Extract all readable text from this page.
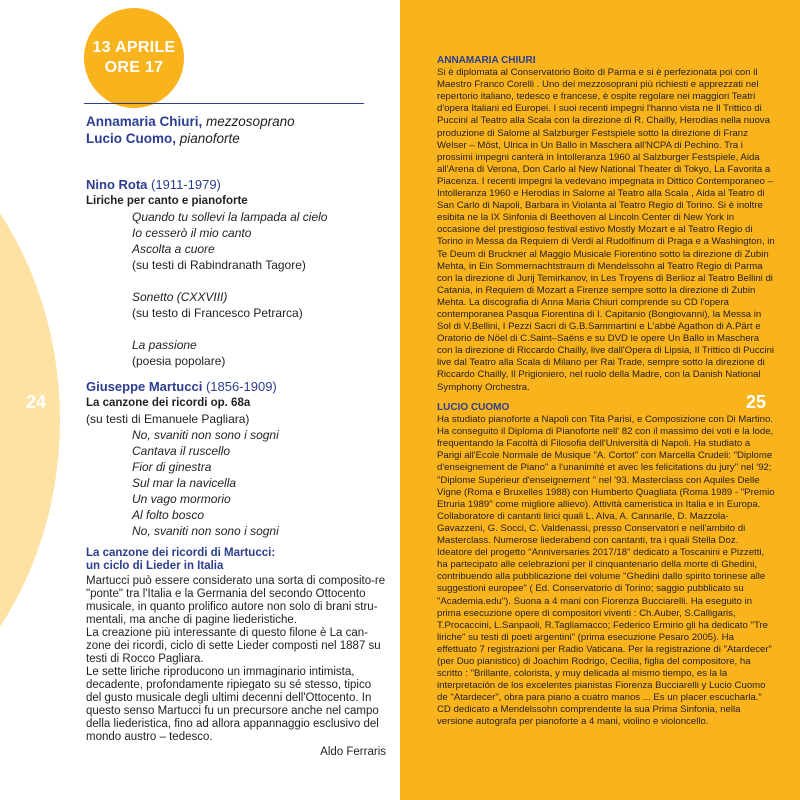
13 APRILE
ORE 17
24	25
Annamaria Chiuri, mezzosoprano
Lucio Cuomo, pianoforte
Nino Rota (1911-1979)
Liriche per canto e pianoforte
Quando tu sollevi la lampada al cielo
Io cesserò il mio canto
Ascolta a cuore
(su testi di Rabindranath Tagore)
Sonetto (CXXVIII)
(su testo di Francesco Petrarca)
La passione
(poesia popolare)
Giuseppe Martucci (1856-1909)
La canzone dei ricordi op. 68a
(su testi di Emanuele Pagliara)
No, svaniti non sono i sogni
Cantava il ruscello
Fior di ginestra
Sul mar la navicella
Un vago mormorio
Al folto bosco
No, svaniti non sono i sogni
La canzone dei ricordi di Martucci:
un ciclo di Lieder in Italia

Martucci può essere considerato una sorta di composito-re "ponte" tra l'Italia e la Germania del secondo Ottocento musicale, in quanto prolifico autore non solo di brani stru-mentali, ma anche di pagine liederistiche.

La creazione più interessante di questo filone è La can-zone dei ricordi, ciclo di sette Lieder composti nel 1887 su testi di Rocco Pagliara.

Le sette liriche riproducono un immaginario intimista, decadente, profondamente ripiegato su sé stesso, tipico del gusto musicale degli ultimi decenni dell'Ottocento. In questo senso Martucci fu un precursore anche nel campo della liederistica, fino ad allora appannaggio esclusivo del mondo austro – tedesco.

Aldo Ferraris
ANNAMARIA CHIURI
Si è diplomata al Conservatorio Boito di Parma e si è perfezionata poi con il Maestro Franco Corelli . Uno dei mezzosoprani più richiesti e apprezzati nel repertorio italiano, tedesco e francese, è ospite regolare nei maggiori Teatri d'opera Italiani ed Europei. I suoi recenti impegni l'hanno vista ne Il Trittico di Puccini al Teatro alla Scala con la direzione di R. Chailly, Herodias nella nuova produzione di Salome al Salzburger Festspiele sotto la direzione di Franz Welser – Möst, Ulrica in Un Ballo in Maschera all'NCPA di Pechino. Tra i prossimi impegni canterà in Intolleranza 1960 al Salzburger Festspiele, Aida all'Arena di Verona, Don Carlo al New National Theater di Tokyo, La Favorita a Piacenza. I recenti impegni la vedevano impegnata in Dittico Contemporaneo – Intolleranza 1960 e Herodias in Salome al Teatro alla Scala , Aida al Teatro di San Carlo di Napoli, Barbara in Violanta al Teatro Regio di Torino. Si è inoltre esibita ne la IX Sinfonia di Beethoven al Lincoln Center di New York in occasione del prestigioso festival estivo Mostly Mozart e al Teatro Regio di Torino in Messa da Requiem di Verdi al Rudolfinum di Praga e a Washington, in Te Deum di Bruckner al Maggio Musicale Fiorentino sotto la direzione di Zubin Mehta, in Ein Sommernachtstraum di Mendelssohn al Teatro Regio di Parma con la direzione di Jurij Temirkanov, in Les Troyens di Berlioz al Teatro Bellini di Catania, in Requiem di Mozart a Firenze sempre sotto la direzione di Zubin Mehta. La discografia di Anna Maria Chiuri comprende su CD l'opera contemporanea Pasqua Fiorentina di I. Capitanio (Bongiovanni), la Messa in Sol di V.Bellini, I Pezzi Sacri di G.B.Sammartini e L'abbé Agathon di A.Pärt e Oratorio de Nöel di C.Saint–Saëns e su DVD le opere Un Ballo in Maschera con la direzione di Riccardo Chailly, live dall'Opera di Lipsia, Il Trittico di Puccini live dal Teatro alla Scala di Milano per Rai Trade, sempre sotto la direzione di Riccardo Chailly, Il Prigioniero, nel ruolo della Madre, con la Danish National Symphony Orchestra.
LUCIO CUOMO
Ha studiato pianoforte a Napoli con Tita Parisi, e Composizione con Di Martino. Ha conseguito il Diploma di Pianoforte nell' 82 con il massimo dei voti e la lode, frequentando la Facoltà di Filosofia dell'Università di Napoli. Ha studiato a Parigi all'Ecole Normale de Musique "A. Cortot" con Marcella Crudeli: "Diplome d'enseignement de Piano" a l'unanimité et avec les felicitations du jury" nel '92; "Diplome Supérieur d'enseignement " nel '93. Masterclass con Aquiles Delle Vigne (Roma e Bruxelles 1988) con Humberto Quagliata (Roma 1989 - "Premio Etruria 1989" come migliore allievo). Attività cameristica in Italia e in Europa. Collaboratore di cantanti lirici quali L. Alva, A. Cannarile, D. Mazzola-Gavazzeni, G. Socci, C. Valdenassi, presso Conservatori e nell'ambito di Masterclass. Numerose liederabend con cantanti, tra i quali Stella Doz. Ideatore del progetto "Anniversaries 2017/18" dedicato a Toscanini e Pizzetti, ha partecipato alle celebrazioni per il cinquantenario della morte di Ghedini, contribuendo alla pubblicazione del volume "Ghedini dallo spirito torinese alle suggestioni europee" ( Ed. Conservatorio di Torino; saggio pubblicato su "Academia.edu"). Suona a 4 mani con Fiorenza Bucciarelli. Ha eseguito in prima esecuzione opere di compositori viventi : Ch.Auber, S.Calligaris, T.Procaccini, L.Sanpaoli, R.Tagliamacco; Federico Ermirio gli ha dedicato "Tre liriche" su testi di poeti argentini" (prima esecuzione Pesaro 2005). Ha effettuato 7 registrazioni per Radio Vaticana. Per la registrazione di "Atardecer" (per Duo pianistico) di Joachim Rodrigo, Cecilia, figlia del compositore, ha scritto : "Brillante, colorista, y muy delicada al mismo tiempo, es la la interpretación de los excelentes pianistas Fiorenza Bucciarelli y Lucio Cuomo de "Atardecer", obra para piano a cuatro manos ... Es un placer escucharla." CD dedicato a Mendelssohn comprendente la sua Prima Sinfonia, nella versione autografa per pianoforte a 4 mani, violino e violoncello.
